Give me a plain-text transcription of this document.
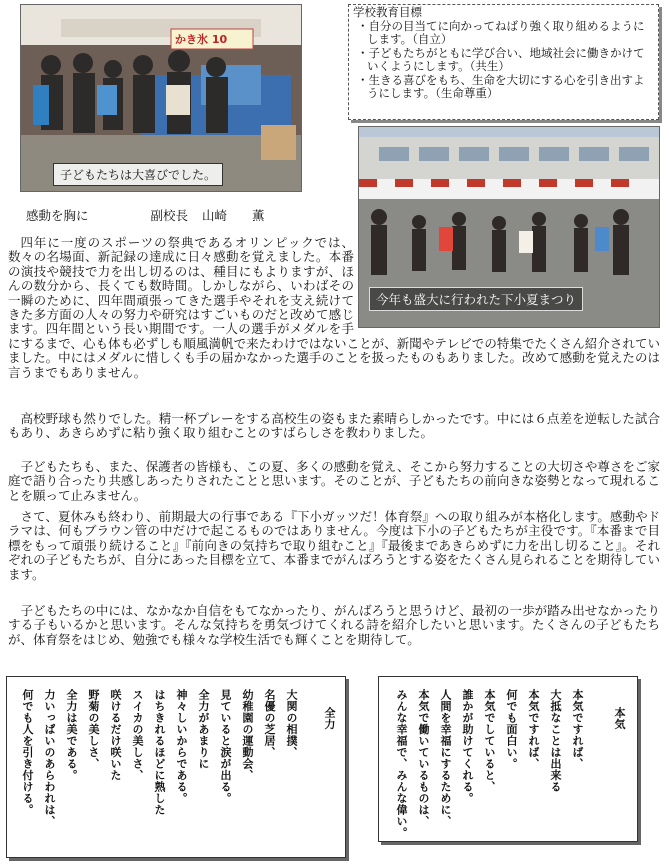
かき氷 10
子どもたちは大喜びでした。
学校教育目標
・自分の目当てに向かってねばり強く取り組めるようにします。（自立）
・子どもたちがともに学び合い、地域社会に働きかけていくようにします。（共生）
・生きる喜びをもち、生命を大切にする心を引き出すようにします。（生命尊重）
今年も盛大に行われた下小夏まつり
感動を胸に	副校長 山崎　　薫

四年に一度のスポーツの祭典であるオリンピックでは、数々の名場面、新記録の達成に日々感動を覚えました。本番の演技や競技で力を出し切るのは、種目にもよりますが、ほんの数分から、長くても数時間。しかしながら、いわばその一瞬のために、四年間頑張ってきた選手やそれを支え続けてきた多方面の人々の努力や研究はすごいものだと改めて感じます。四年間という長い期間です。一人の選手がメダルを手にするまで、心も体も必ずしも順風満帆で来たわけではないことが、新聞やテレビでの特集でたくさん紹介されていました。中にはメダルに惜しくも手の届かなかった選手のことを扱ったものもありました。改めて感動を覚えたのは言うまでもありません。

高校野球も然りでした。精一杯プレーをする高校生の姿もまた素晴らしかったです。中には６点差を逆転した試合もあり、あきらめずに粘り強く取り組むことのすばらしさを教わりました。

子どもたちも、また、保護者の皆様も、この夏、多くの感動を覚え、そこから努力することの大切さや尊さをご家庭で語り合ったり共感しあったりされたことと思います。そのことが、子どもたちの前向きな姿勢となって現れることを願って止みません。

さて、夏休みも終わり、前期最大の行事である『下小ガッツだ！体育祭』への取り組みが本格化します。感動やドラマは、何もブラウン管の中だけで起こるものではありません。今度は下小の子どもたちが主役です。『本番まで目標をもって頑張り続けること』『前向きの気持ちで取り組むこと』『最後まであきらめずに力を出し切ること』。それぞれの子どもたちが、自分にあった目標を立て、本番までがんばろうとする姿をたくさん見られることを期待しています。

子どもたちの中には、なかなか自信をもてなかったり、がんばろうと思うけど、最初の一歩が踏み出せなかったりする子もいるかと思います。そんな気持ちを勇気づけてくれる詩を紹介したいと思います。たくさんの子どもたちが、体育祭をはじめ、勉強でも様々な学校生活でも輝くことを期待して。

全力
大関の相撲、
名優の芝居、
幼稚園の運動会、
見ていると涙が出る。
全力があまりに
神々しいからである。
はちきれるほどに熟した
スイカの美しさ、
咲けるだけ咲いた
野菊の美しさ、
全力は美である。
力いっぱいのあらわれは、
何でも人を引き付ける。	本気
本気ですれば、
大抵なことは出来る
本気ですれば、
何でも面白い。
本気でしていると、
誰かが助けてくれる。
人間を幸福にするために、
本気で働いているものは、
みんな幸福で、みんな偉い。
